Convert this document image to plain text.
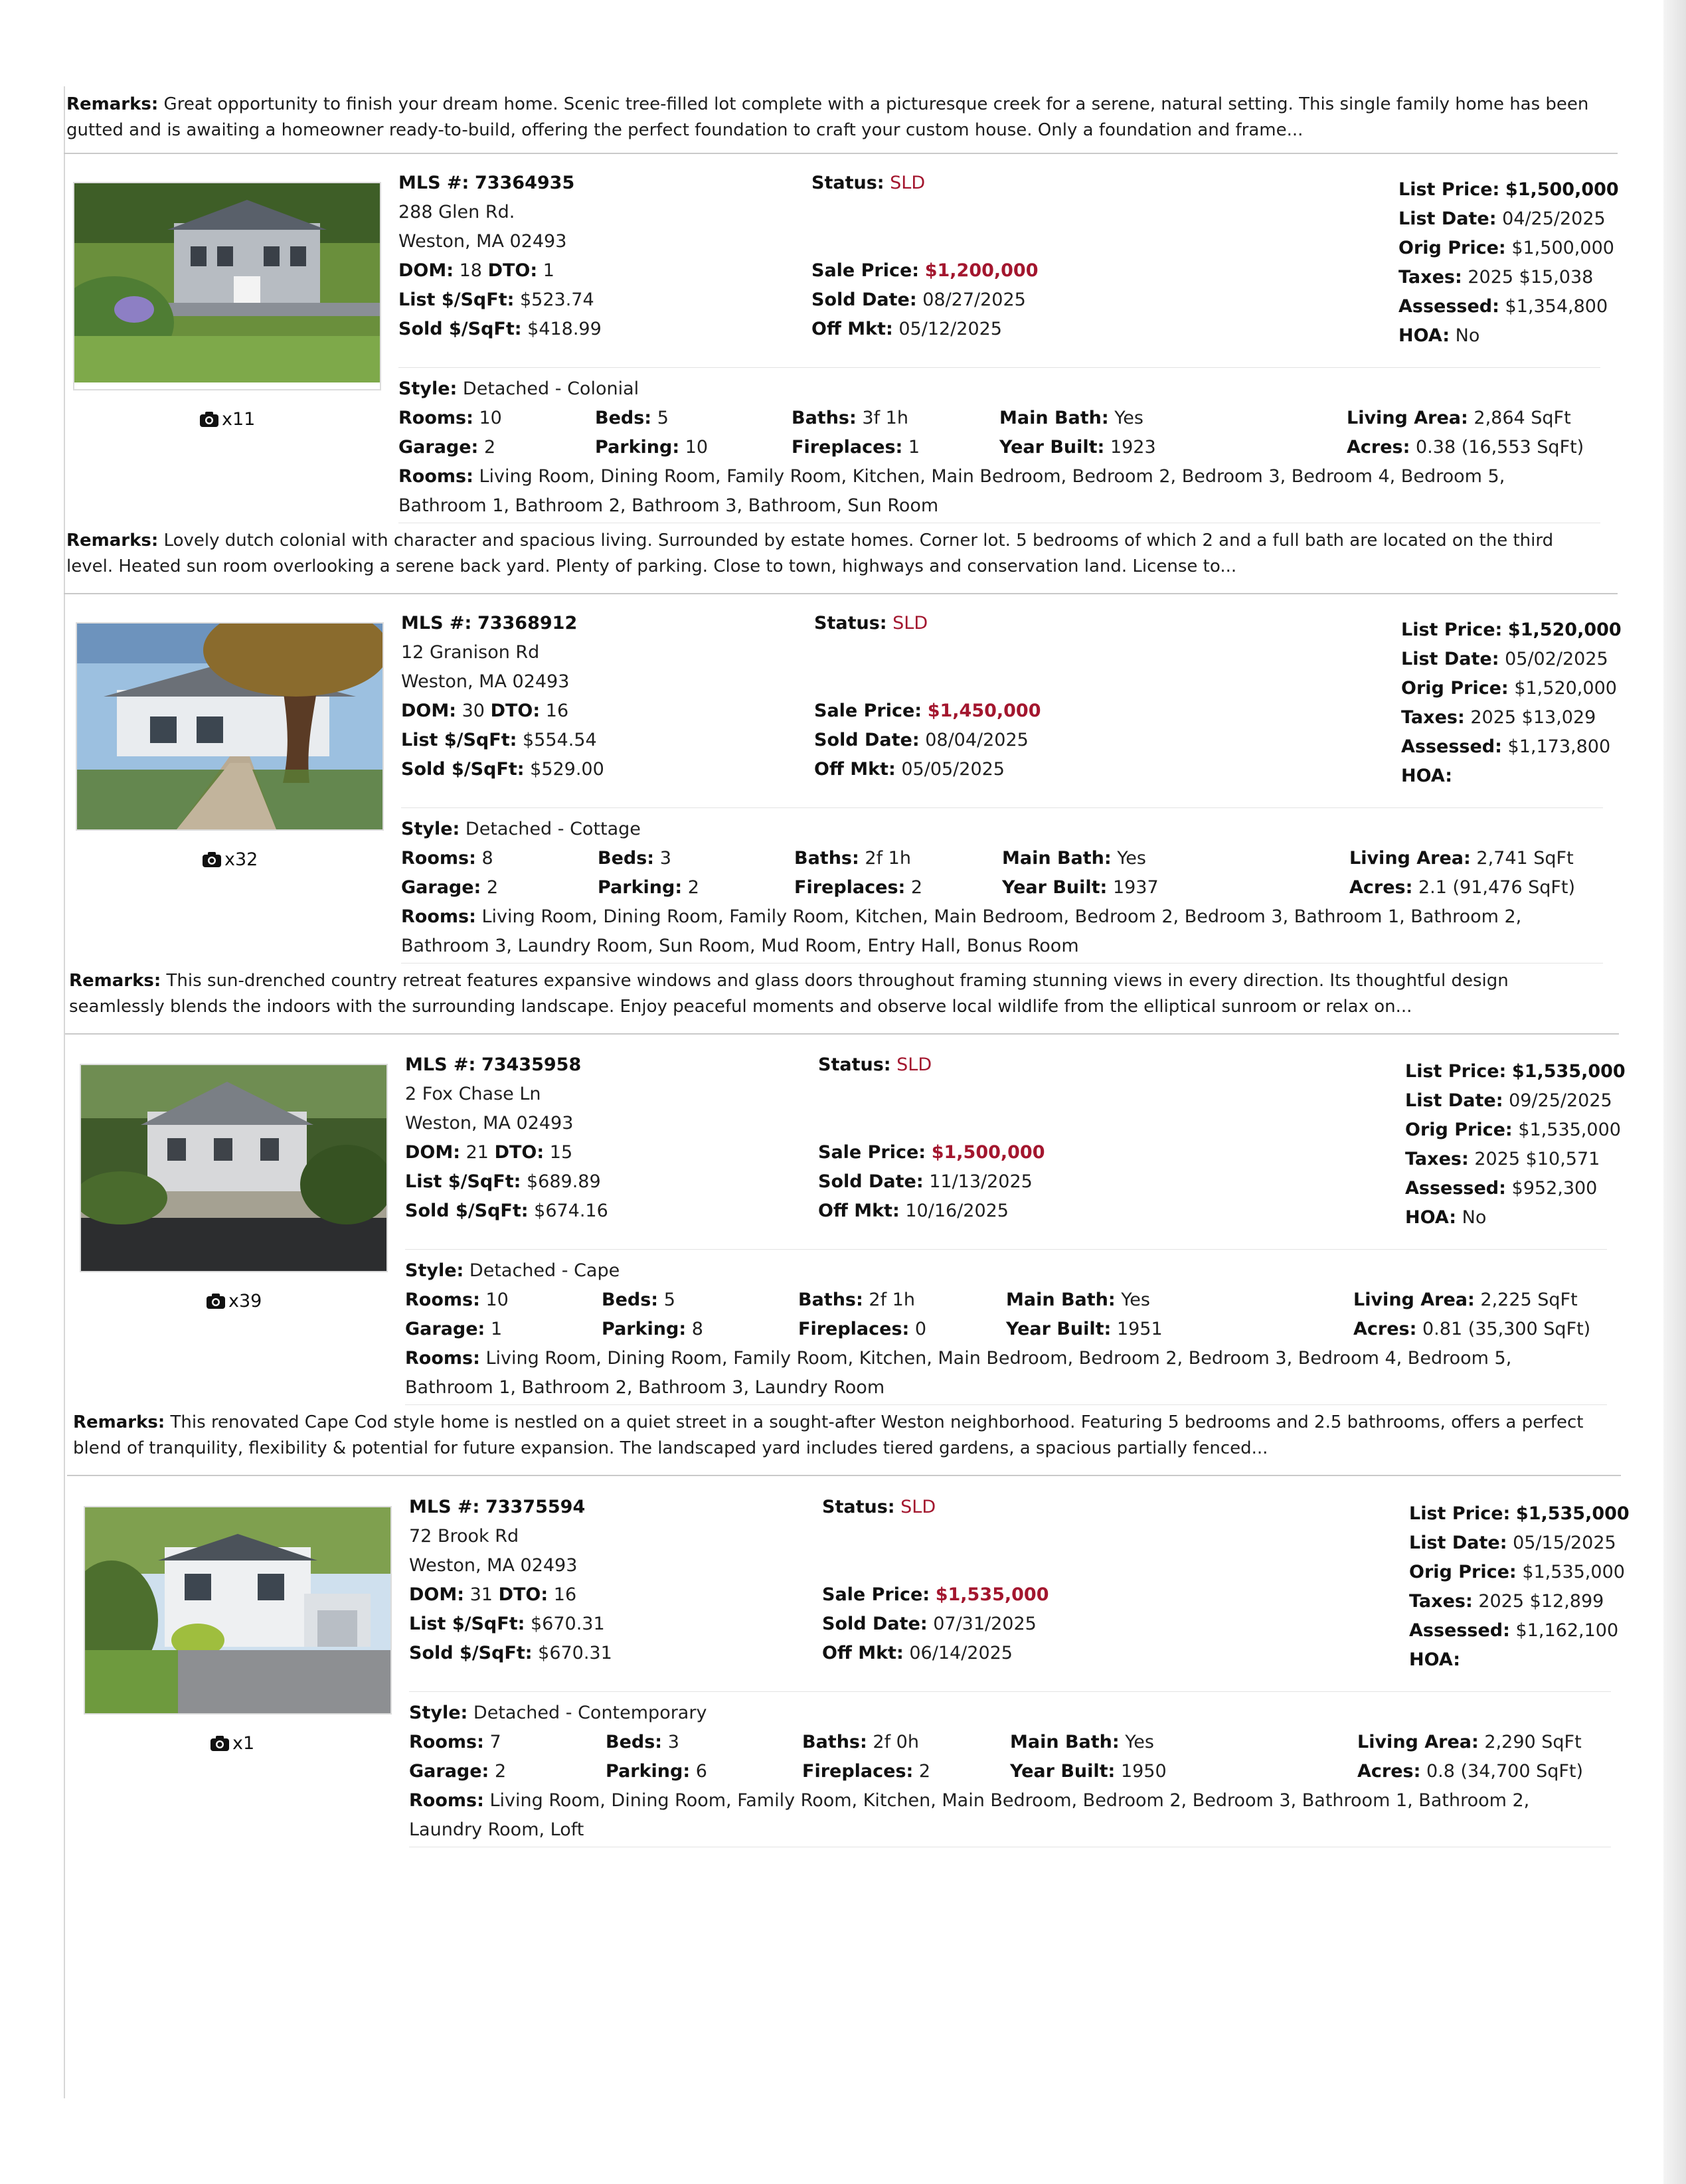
Remarks: Great opportunity to finish your dream home. Scenic tree-filled lot complete with a picturesque creek for a serene, natural setting. This single family home has been gutted and is awaiting a homeowner ready-to-build, offering the perfect foundation to craft your custom house. Only a foundation and frame...
x11
MLS #: 73364935
288 Glen Rd.
Weston, MA 02493
DOM: 18 DTO: 1
List $/SqFt: $523.74
Sold $/SqFt: $418.99
Status: SLD
Sale Price: $1,200,000
Sold Date: 08/27/2025
Off Mkt: 05/12/2025
List Price: $1,500,000
List Date: 04/25/2025
Orig Price: $1,500,000
Taxes: 2025 $15,038
Assessed: $1,354,800
HOA: No
Style: Detached - Colonial
Rooms: 10	Beds: 5	Baths: 3f 1h	Main Bath: Yes	Living Area: 2,864 SqFt
Garage: 2	Parking: 10	Fireplaces: 1	Year Built: 1923	Acres: 0.38 (16,553 SqFt)
Rooms: Living Room, Dining Room, Family Room, Kitchen, Main Bedroom, Bedroom 2, Bedroom 3, Bedroom 4, Bedroom 5, Bathroom 1, Bathroom 2, Bathroom 3, Bathroom, Sun Room
Remarks: Lovely dutch colonial with character and spacious living. Surrounded by estate homes. Corner lot. 5 bedrooms of which 2 and a full bath are located on the third level. Heated sun room overlooking a serene back yard. Plenty of parking. Close to town, highways and conservation land. License to...
x32
MLS #: 73368912
12 Granison Rd
Weston, MA 02493
DOM: 30 DTO: 16
List $/SqFt: $554.54
Sold $/SqFt: $529.00
Status: SLD
Sale Price: $1,450,000
Sold Date: 08/04/2025
Off Mkt: 05/05/2025
List Price: $1,520,000
List Date: 05/02/2025
Orig Price: $1,520,000
Taxes: 2025 $13,029
Assessed: $1,173,800
HOA:
Style: Detached - Cottage
Rooms: 8	Beds: 3	Baths: 2f 1h	Main Bath: Yes	Living Area: 2,741 SqFt
Garage: 2	Parking: 2	Fireplaces: 2	Year Built: 1937	Acres: 2.1 (91,476 SqFt)
Rooms: Living Room, Dining Room, Family Room, Kitchen, Main Bedroom, Bedroom 2, Bedroom 3, Bathroom 1, Bathroom 2, Bathroom 3, Laundry Room, Sun Room, Mud Room, Entry Hall, Bonus Room
Remarks: This sun-drenched country retreat features expansive windows and glass doors throughout framing stunning views in every direction. Its thoughtful design seamlessly blends the indoors with the surrounding landscape. Enjoy peaceful moments and observe local wildlife from the elliptical sunroom or relax on...
x39
MLS #: 73435958
2 Fox Chase Ln
Weston, MA 02493
DOM: 21 DTO: 15
List $/SqFt: $689.89
Sold $/SqFt: $674.16
Status: SLD
Sale Price: $1,500,000
Sold Date: 11/13/2025
Off Mkt: 10/16/2025
List Price: $1,535,000
List Date: 09/25/2025
Orig Price: $1,535,000
Taxes: 2025 $10,571
Assessed: $952,300
HOA: No
Style: Detached - Cape
Rooms: 10	Beds: 5	Baths: 2f 1h	Main Bath: Yes	Living Area: 2,225 SqFt
Garage: 1	Parking: 8	Fireplaces: 0	Year Built: 1951	Acres: 0.81 (35,300 SqFt)
Rooms: Living Room, Dining Room, Family Room, Kitchen, Main Bedroom, Bedroom 2, Bedroom 3, Bedroom 4, Bedroom 5, Bathroom 1, Bathroom 2, Bathroom 3, Laundry Room
Remarks: This renovated Cape Cod style home is nestled on a quiet street in a sought-after Weston neighborhood. Featuring 5 bedrooms and 2.5 bathrooms, offers a perfect blend of tranquility, flexibility & potential for future expansion. The landscaped yard includes tiered gardens, a spacious partially fenced...
x1
MLS #: 73375594
72 Brook Rd
Weston, MA 02493
DOM: 31 DTO: 16
List $/SqFt: $670.31
Sold $/SqFt: $670.31
Status: SLD
Sale Price: $1,535,000
Sold Date: 07/31/2025
Off Mkt: 06/14/2025
List Price: $1,535,000
List Date: 05/15/2025
Orig Price: $1,535,000
Taxes: 2025 $12,899
Assessed: $1,162,100
HOA:
Style: Detached - Contemporary
Rooms: 7	Beds: 3	Baths: 2f 0h	Main Bath: Yes	Living Area: 2,290 SqFt
Garage: 2	Parking: 6	Fireplaces: 2	Year Built: 1950	Acres: 0.8 (34,700 SqFt)
Rooms: Living Room, Dining Room, Family Room, Kitchen, Main Bedroom, Bedroom 2, Bedroom 3, Bathroom 1, Bathroom 2, Laundry Room, Loft
